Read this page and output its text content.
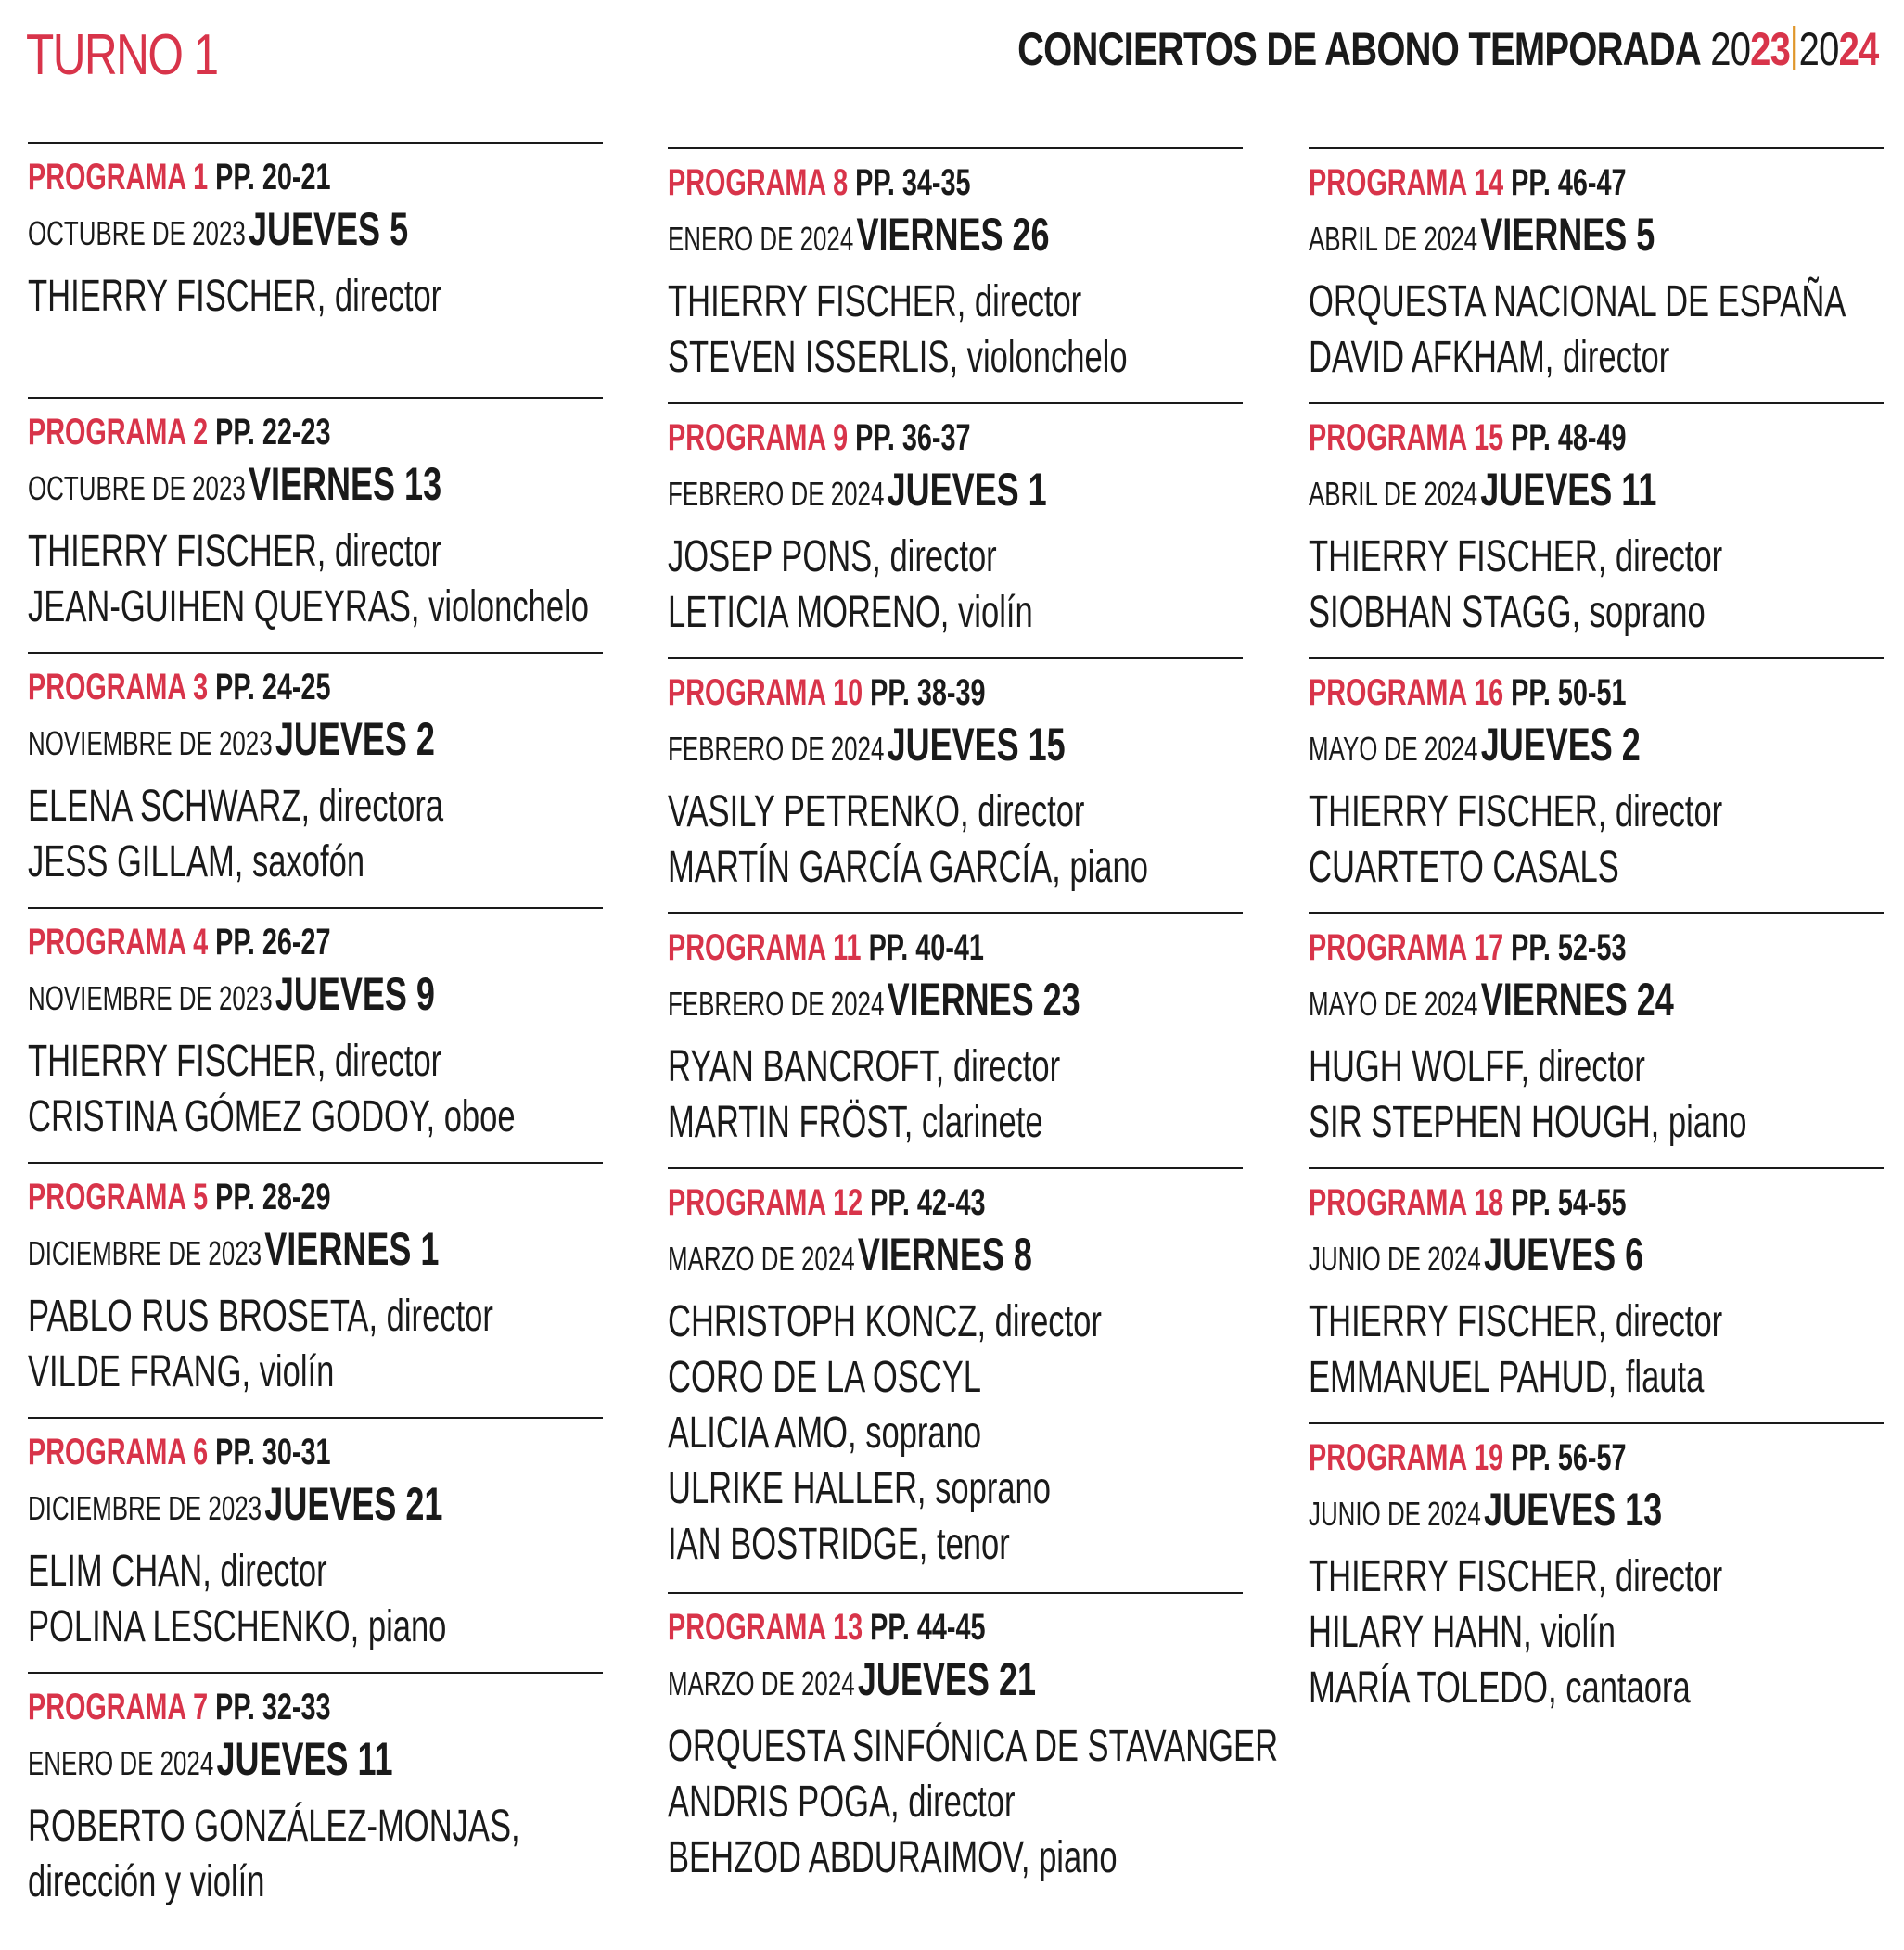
TURNO 1	CONCIERTOS DE ABONO TEMPORADA 2023 2024
PROGRAMA 1 PP. 20-21
OCTUBRE DE 2023 JUEVES 5
THIERRY FISCHER, director
PROGRAMA 2 PP. 22-23
OCTUBRE DE 2023 VIERNES 13
THIERRY FISCHER, director
JEAN-GUIHEN QUEYRAS, violonchelo
PROGRAMA 3 PP. 24-25
NOVIEMBRE DE 2023 JUEVES 2
ELENA SCHWARZ, directora
JESS GILLAM, saxofón
PROGRAMA 4 PP. 26-27
NOVIEMBRE DE 2023 JUEVES 9
THIERRY FISCHER, director
CRISTINA GÓMEZ GODOY, oboe
PROGRAMA 5 PP. 28-29
DICIEMBRE DE 2023 VIERNES 1
PABLO RUS BROSETA, director
VILDE FRANG, violín
PROGRAMA 6 PP. 30-31
DICIEMBRE DE 2023 JUEVES 21
ELIM CHAN, director
POLINA LESCHENKO, piano
PROGRAMA 7 PP. 32-33
ENERO DE 2024 JUEVES 11
ROBERTO GONZÁLEZ-MONJAS,
dirección y violín
PROGRAMA 8 PP. 34-35
ENERO DE 2024 VIERNES 26
THIERRY FISCHER, director
STEVEN ISSERLIS, violonchelo
PROGRAMA 9 PP. 36-37
FEBRERO DE 2024 JUEVES 1
JOSEP PONS, director
LETICIA MORENO, violín
PROGRAMA 10 PP. 38-39
FEBRERO DE 2024 JUEVES 15
VASILY PETRENKO, director
MARTÍN GARCÍA GARCÍA, piano
PROGRAMA 11 PP. 40-41
FEBRERO DE 2024 VIERNES 23
RYAN BANCROFT, director
MARTIN FRÖST, clarinete
PROGRAMA 12 PP. 42-43
MARZO DE 2024 VIERNES 8
CHRISTOPH KONCZ, director
CORO DE LA OSCYL
ALICIA AMO, soprano
ULRIKE HALLER, soprano
IAN BOSTRIDGE, tenor
PROGRAMA 13 PP. 44-45
MARZO DE 2024 JUEVES 21
ORQUESTA SINFÓNICA DE STAVANGER
ANDRIS POGA, director
BEHZOD ABDURAIMOV, piano
PROGRAMA 14 PP. 46-47
ABRIL DE 2024 VIERNES 5
ORQUESTA NACIONAL DE ESPAÑA
DAVID AFKHAM, director
PROGRAMA 15 PP. 48-49
ABRIL DE 2024 JUEVES 11
THIERRY FISCHER, director
SIOBHAN STAGG, soprano
PROGRAMA 16 PP. 50-51
MAYO DE 2024 JUEVES 2
THIERRY FISCHER, director
CUARTETO CASALS
PROGRAMA 17 PP. 52-53
MAYO DE 2024 VIERNES 24
HUGH WOLFF, director
SIR STEPHEN HOUGH, piano
PROGRAMA 18 PP. 54-55
JUNIO DE 2024 JUEVES 6
THIERRY FISCHER, director
EMMANUEL PAHUD, flauta
PROGRAMA 19 PP. 56-57
JUNIO DE 2024 JUEVES 13
THIERRY FISCHER, director
HILARY HAHN, violín
MARÍA TOLEDO, cantaora
